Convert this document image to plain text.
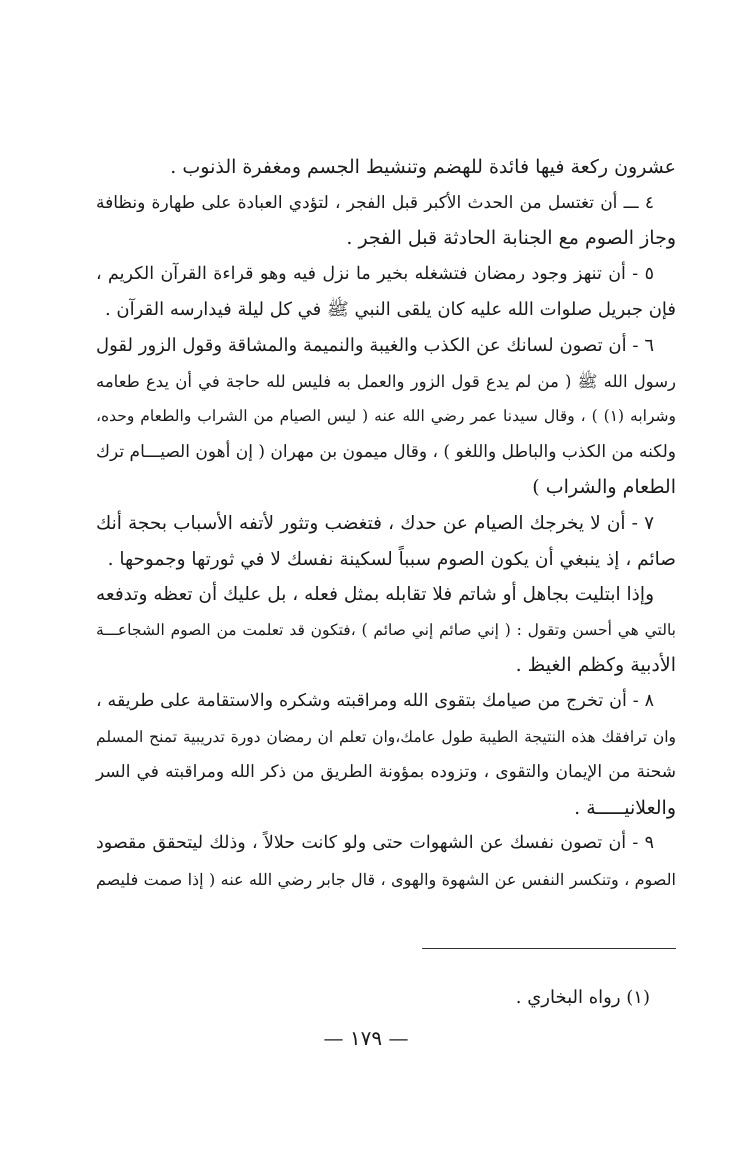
عشرون ركعة فيها فائدة للهضم وتنشيط الجسم ومغفرة الذنوب .
٤ ـــ أن تغتسل من الحدث الأكبر قبل الفجر ، لتؤدي العبادة على طهارة ونظافة
وجاز الصوم مع الجنابة الحادثة قبل الفجر .
٥ - أن تنهز وجود رمضان فتشغله بخير ما نزل فيه وهو قراءة القرآن الكريم ،
فإن جبريل صلوات الله عليه كان يلقى النبي ﷺ في كل ليلة فيدارسه القرآن .
٦ - أن تصون لسانك عن الكذب والغيبة والنميمة والمشاقة وقول الزور لقول
رسول الله ﷺ ( من لم يدع قول الزور والعمل به فليس لله حاجة في أن يدع طعامه
وشرابه (١) ) ، وقال سيدنا عمر رضي الله عنه ( ليس الصيام من الشراب والطعام وحده،
ولكنه من الكذب والباطل واللغو ) ، وقال ميمون بن مهران ( إن أهون الصيـــام ترك
الطعام والشراب )
٧ - أن لا يخرجك الصيام عن حدك ، فتغضب وتثور لأتفه الأسباب بحجة أنك
صائم ، إذ ينبغي أن يكون الصوم سبباً لسكينة نفسك لا في ثورتها وجموحها .
وإذا ابتليت بجاهل أو شاتم فلا تقابله بمثل فعله ، بل عليك أن تعظه وتدفعه
بالتي هي أحسن وتقول : ( إني صائم إني صائم ) ،فتكون قد تعلمت من الصوم الشجاعـــة
الأدبية وكظم الغيظ .
٨ - أن تخرج من صيامك بتقوى الله ومراقبته وشكره والاستقامة على طريقه ،
وان ترافقك هذه النتيجة الطيبة طول عامك،وان تعلم ان رمضان دورة تدريبية تمنح المسلم
شحنة من الإيمان والتقوى ، وتزوده بمؤونة الطريق من ذكر الله ومراقبته في السر
والعلانيـــــة .
٩ - أن تصون نفسك عن الشهوات حتى ولو كانت حلالاً ، وذلك ليتحقق مقصود
الصوم ، وتنكسر النفس عن الشهوة والهوى ، قال جابر رضي الله عنه ( إذا صمت فليصم
(١) رواه البخاري .
— ١٧٩ —
